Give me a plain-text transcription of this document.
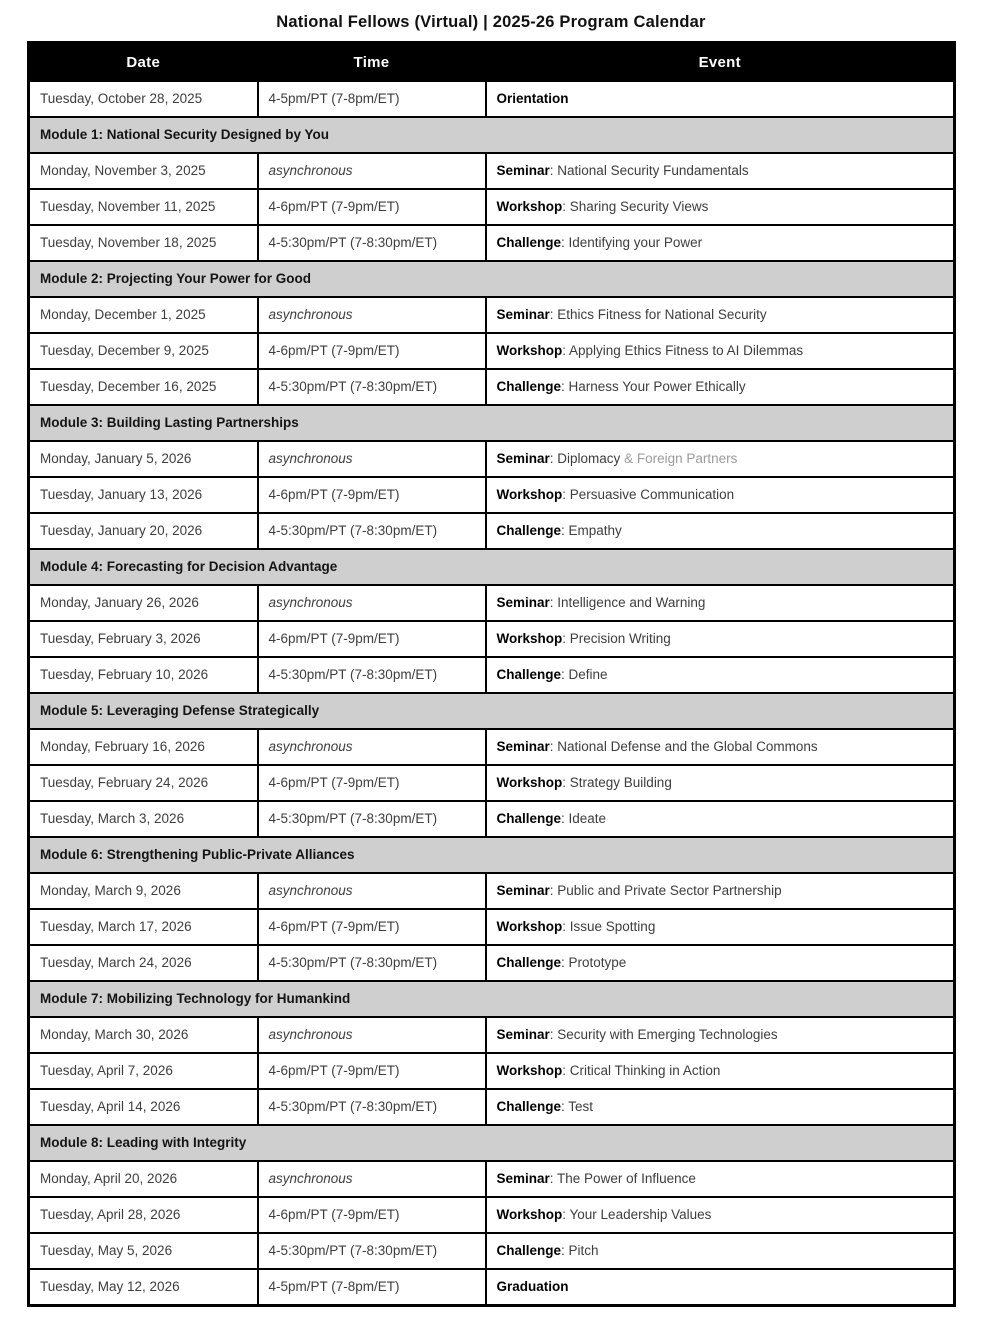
National Fellows (Virtual) | 2025-26 Program Calendar
Date	Time	Event
Tuesday, October 28, 2025	4-5pm/PT (7-8pm/ET)	Orientation
Module 1: National Security Designed by You		
Monday, November 3, 2025	asynchronous	Seminar: National Security Fundamentals
Tuesday, November 11, 2025	4-6pm/PT (7-9pm/ET)	Workshop: Sharing Security Views
Tuesday, November 18, 2025	4-5:30pm/PT (7-8:30pm/ET)	Challenge: Identifying your Power
Module 2: Projecting Your Power for Good		
Monday, December 1, 2025	asynchronous	Seminar: Ethics Fitness for National Security
Tuesday, December 9, 2025	4-6pm/PT (7-9pm/ET)	Workshop: Applying Ethics Fitness to AI Dilemmas
Tuesday, December 16, 2025	4-5:30pm/PT (7-8:30pm/ET)	Challenge: Harness Your Power Ethically
Module 3: Building Lasting Partnerships		
Monday, January 5, 2026	asynchronous	Seminar: Diplomacy & Foreign Partners
Tuesday, January 13, 2026	4-6pm/PT (7-9pm/ET)	Workshop: Persuasive Communication
Tuesday, January 20, 2026	4-5:30pm/PT (7-8:30pm/ET)	Challenge: Empathy
Module 4: Forecasting for Decision Advantage		
Monday, January 26, 2026	asynchronous	Seminar: Intelligence and Warning
Tuesday, February 3, 2026	4-6pm/PT (7-9pm/ET)	Workshop: Precision Writing
Tuesday, February 10, 2026	4-5:30pm/PT (7-8:30pm/ET)	Challenge: Define
Module 5: Leveraging Defense Strategically		
Monday, February 16, 2026	asynchronous	Seminar: National Defense and the Global Commons
Tuesday, February 24, 2026	4-6pm/PT (7-9pm/ET)	Workshop: Strategy Building
Tuesday, March 3, 2026	4-5:30pm/PT (7-8:30pm/ET)	Challenge: Ideate
Module 6: Strengthening Public-Private Alliances		
Monday, March 9, 2026	asynchronous	Seminar: Public and Private Sector Partnership
Tuesday, March 17, 2026	4-6pm/PT (7-9pm/ET)	Workshop: Issue Spotting
Tuesday, March 24, 2026	4-5:30pm/PT (7-8:30pm/ET)	Challenge: Prototype
Module 7: Mobilizing Technology for Humankind		
Monday, March 30, 2026	asynchronous	Seminar: Security with Emerging Technologies
Tuesday, April 7, 2026	4-6pm/PT (7-9pm/ET)	Workshop: Critical Thinking in Action
Tuesday, April 14, 2026	4-5:30pm/PT (7-8:30pm/ET)	Challenge: Test
Module 8: Leading with Integrity		
Monday, April 20, 2026	asynchronous	Seminar: The Power of Influence
Tuesday, April 28, 2026	4-6pm/PT (7-9pm/ET)	Workshop: Your Leadership Values
Tuesday, May 5, 2026	4-5:30pm/PT (7-8:30pm/ET)	Challenge: Pitch
Tuesday, May 12, 2026	4-5pm/PT (7-8pm/ET)	Graduation
